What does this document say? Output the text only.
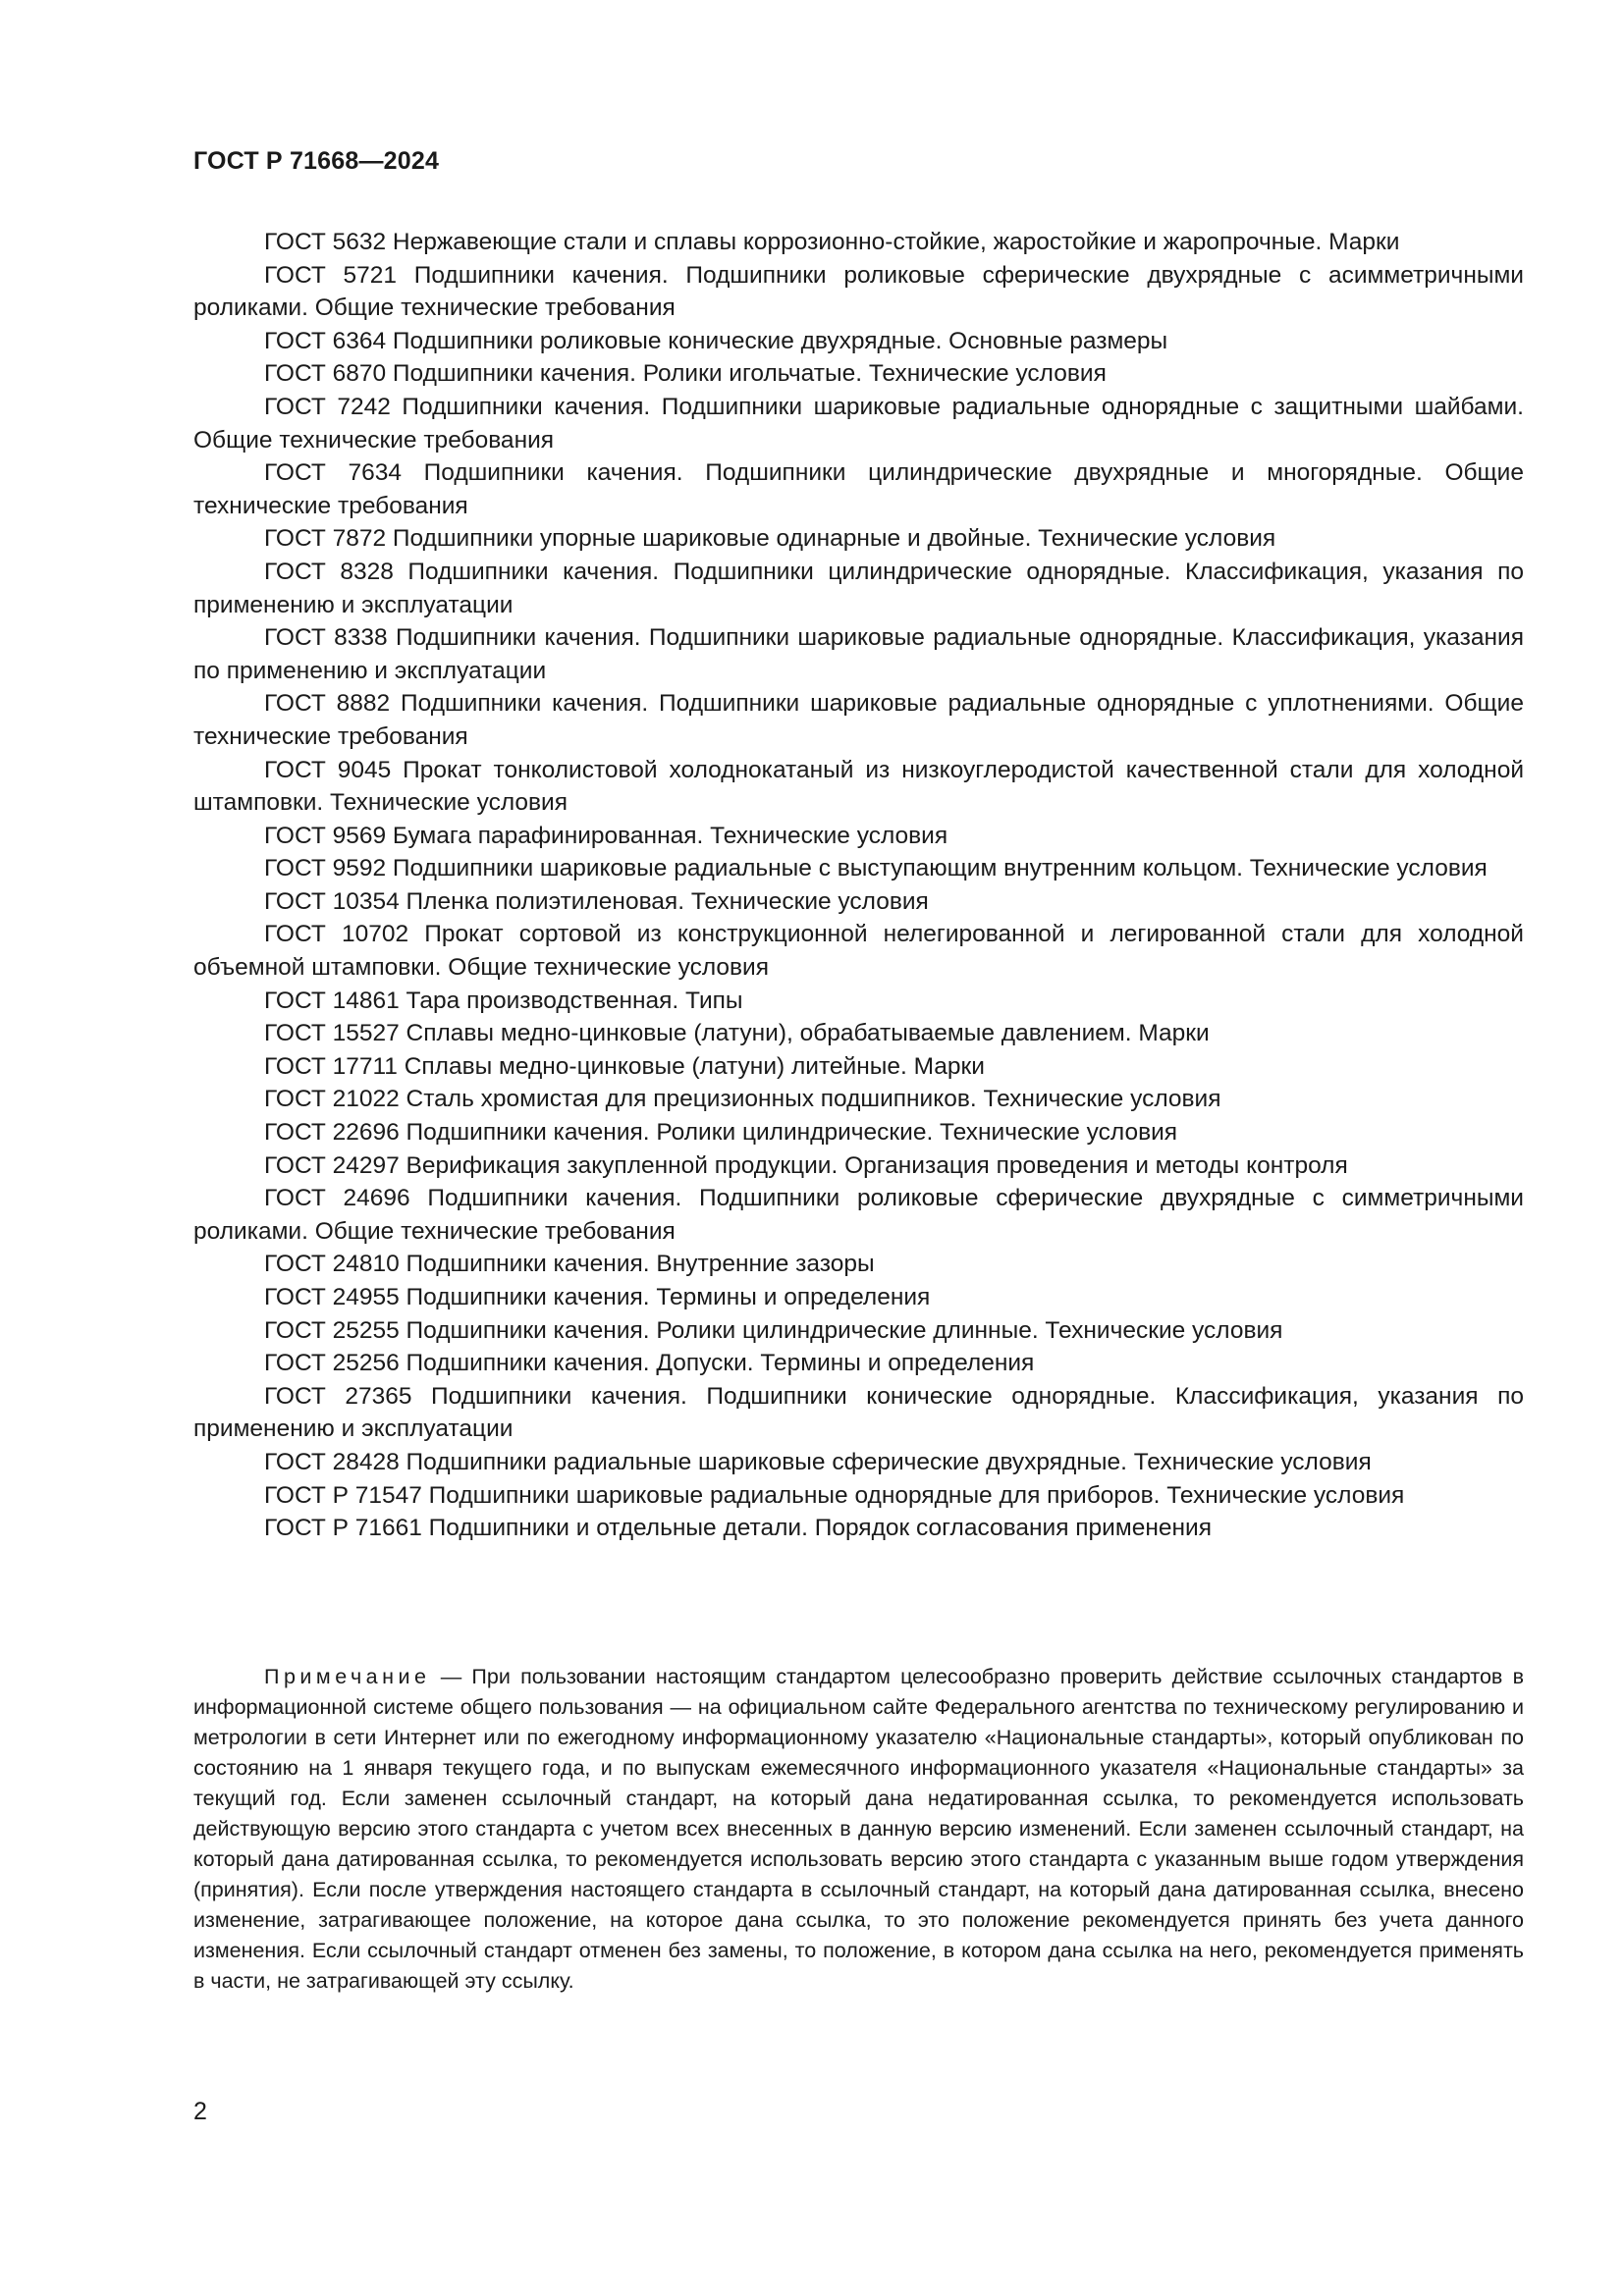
ГОСТ Р 71668—2024

ГОСТ 5632 Нержавеющие стали и сплавы коррозионно-стойкие, жаростойкие и жаропрочные. Марки

ГОСТ 5721 Подшипники качения. Подшипники роликовые сферические двухрядные с асимметричными роликами. Общие технические требования

ГОСТ 6364 Подшипники роликовые конические двухрядные. Основные размеры

ГОСТ 6870 Подшипники качения. Ролики игольчатые. Технические условия

ГОСТ 7242 Подшипники качения. Подшипники шариковые радиальные однорядные с защитными шайбами. Общие технические требования

ГОСТ 7634 Подшипники качения. Подшипники цилиндрические двухрядные и многорядные. Общие технические требования

ГОСТ 7872 Подшипники упорные шариковые одинарные и двойные. Технические условия

ГОСТ 8328 Подшипники качения. Подшипники цилиндрические однорядные. Классификация, указания по применению и эксплуатации

ГОСТ 8338 Подшипники качения. Подшипники шариковые радиальные однорядные. Классификация, указания по применению и эксплуатации

ГОСТ 8882 Подшипники качения. Подшипники шариковые радиальные однорядные с уплотнениями. Общие технические требования

ГОСТ 9045 Прокат тонколистовой холоднокатаный из низкоуглеродистой качественной стали для холодной штамповки. Технические условия

ГОСТ 9569 Бумага парафинированная. Технические условия

ГОСТ 9592 Подшипники шариковые радиальные с выступающим внутренним кольцом. Технические условия

ГОСТ 10354 Пленка полиэтиленовая. Технические условия

ГОСТ 10702 Прокат сортовой из конструкционной нелегированной и легированной стали для холодной объемной штамповки. Общие технические условия

ГОСТ 14861 Тара производственная. Типы

ГОСТ 15527 Сплавы медно-цинковые (латуни), обрабатываемые давлением. Марки

ГОСТ 17711 Сплавы медно-цинковые (латуни) литейные. Марки

ГОСТ 21022 Сталь хромистая для прецизионных подшипников. Технические условия

ГОСТ 22696 Подшипники качения. Ролики цилиндрические. Технические условия

ГОСТ 24297 Верификация закупленной продукции. Организация проведения и методы контроля

ГОСТ 24696 Подшипники качения. Подшипники роликовые сферические двухрядные с симметричными роликами. Общие технические требования

ГОСТ 24810 Подшипники качения. Внутренние зазоры

ГОСТ 24955 Подшипники качения. Термины и определения

ГОСТ 25255 Подшипники качения. Ролики цилиндрические длинные. Технические условия

ГОСТ 25256 Подшипники качения. Допуски. Термины и определения

ГОСТ 27365 Подшипники качения. Подшипники конические однорядные. Классификация, указания по применению и эксплуатации

ГОСТ 28428 Подшипники радиальные шариковые сферические двухрядные. Технические условия

ГОСТ Р 71547 Подшипники шариковые радиальные однорядные для приборов. Технические условия

ГОСТ Р 71661 Подшипники и отдельные детали. Порядок согласования применения

Примечание — При пользовании настоящим стандартом целесообразно проверить действие ссылочных стандартов в информационной системе общего пользования — на официальном сайте Федерального агентства по техническому регулированию и метрологии в сети Интернет или по ежегодному информационному указателю «Национальные стандарты», который опубликован по состоянию на 1 января текущего года, и по выпускам ежемесячного информационного указателя «Национальные стандарты» за текущий год. Если заменен ссылочный стандарт, на который дана недатированная ссылка, то рекомендуется использовать действующую версию этого стандарта с учетом всех внесенных в данную версию изменений. Если заменен ссылочный стандарт, на который дана датированная ссылка, то рекомендуется использовать версию этого стандарта с указанным выше годом утверждения (принятия). Если после утверждения настоящего стандарта в ссылочный стандарт, на который дана датированная ссылка, внесено изменение, затрагивающее положение, на которое дана ссылка, то это положение рекомендуется принять без учета данного изменения. Если ссылочный стандарт отменен без замены, то положение, в котором дана ссылка на него, рекомендуется применять в части, не затрагивающей эту ссылку.

2
